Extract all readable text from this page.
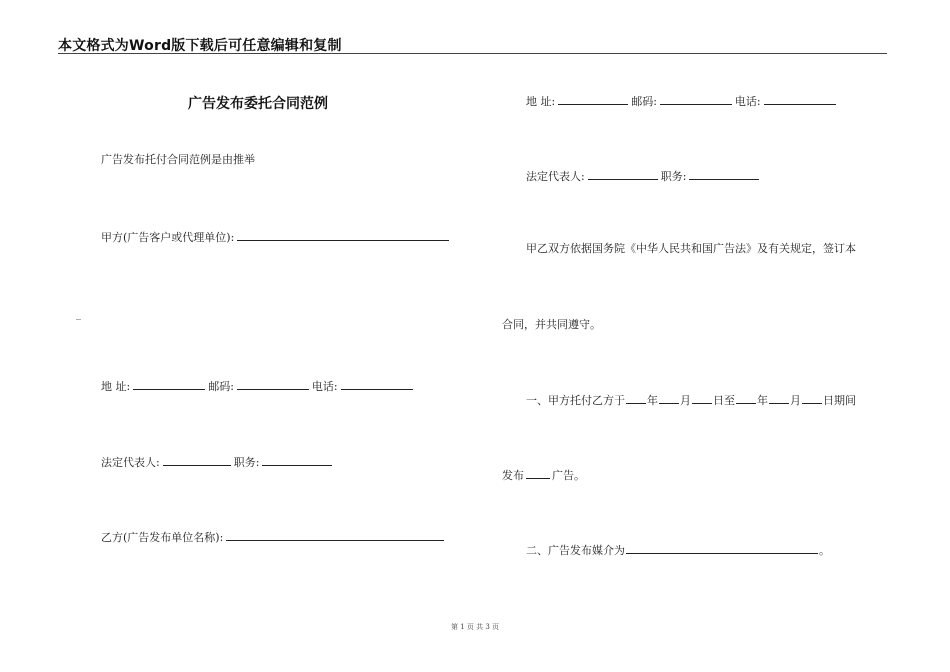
本文格式为Word版下载后可任意编辑和复制
广告发布委托合同范例
广告发布托付合同范例是由推举
甲方(广告客户或代理单位):
_
地 址:	邮码:	电话:
法定代表人:	职务:
乙方(广告发布单位名称):
地 址:	邮码:	电话:
法定代表人:	职务:
甲乙双方依据国务院《中华人民共和国广告法》及有关规定，签订本
合同，并共同遵守。
一、甲方托付乙方于 年 月 日至 年 月 日期间
发布	广告。
二、广告发布媒介为	。
第 1 页 共 3 页
